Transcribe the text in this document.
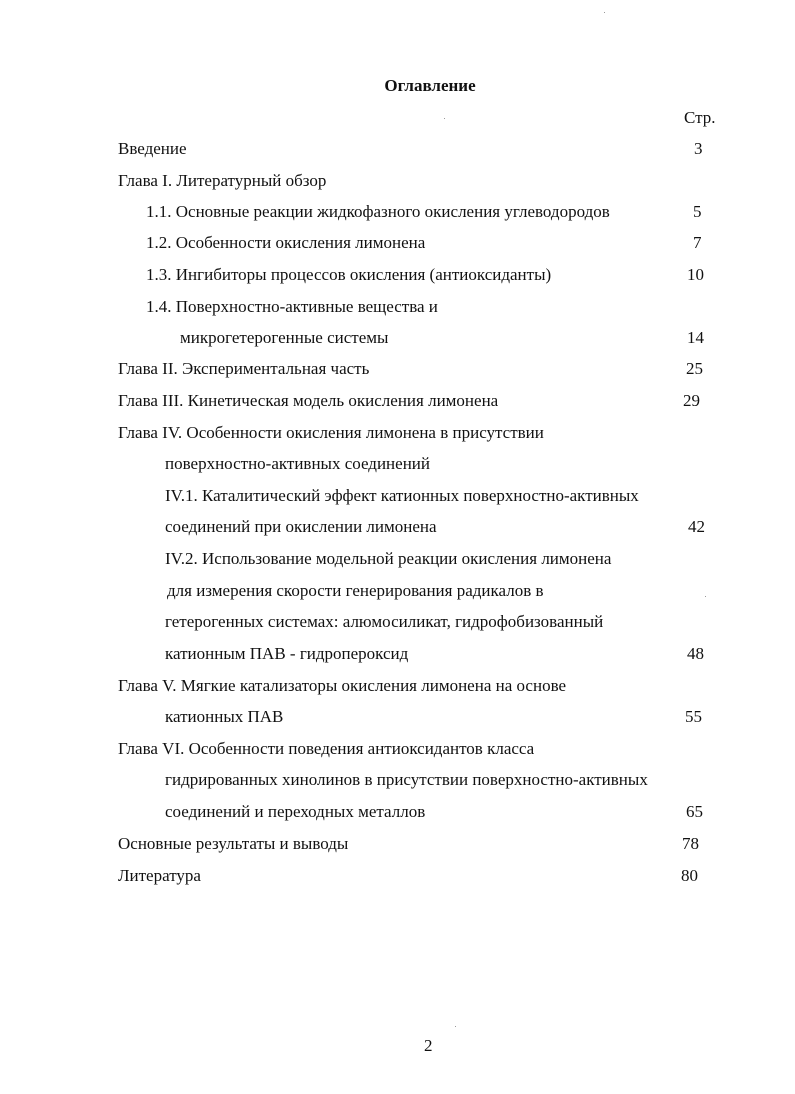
Оглавление
Стр.
Введение	3
Глава I. Литературный обзор
1.1. Основные реакции жидкофазного окисления углеводородов	5
1.2. Особенности окисления лимонена	7
1.3. Ингибиторы процессов окисления (антиоксиданты)	10
1.4. Поверхностно-активные вещества и
микрогетерогенные системы	14
Глава II. Экспериментальная часть	25
Глава III. Кинетическая модель окисления лимонена	29
Глава IV. Особенности окисления лимонена в присутствии
поверхностно-активных соединений
IV.1. Каталитический эффект катионных поверхностно-активных
соединений при окислении лимонена	42
IV.2. Использование модельной реакции окисления лимонена
для измерения скорости генерирования радикалов в
гетерогенных системах: алюмосиликат, гидрофобизованный
катионным ПАВ - гидропероксид	48
Глава V. Мягкие катализаторы окисления лимонена на основе
катионных ПАВ	55
Глава VI. Особенности поведения антиоксидантов класса
гидрированных хинолинов в присутствии поверхностно-активных
соединений и переходных металлов	65
Основные результаты и выводы	78
Литература	80
2
